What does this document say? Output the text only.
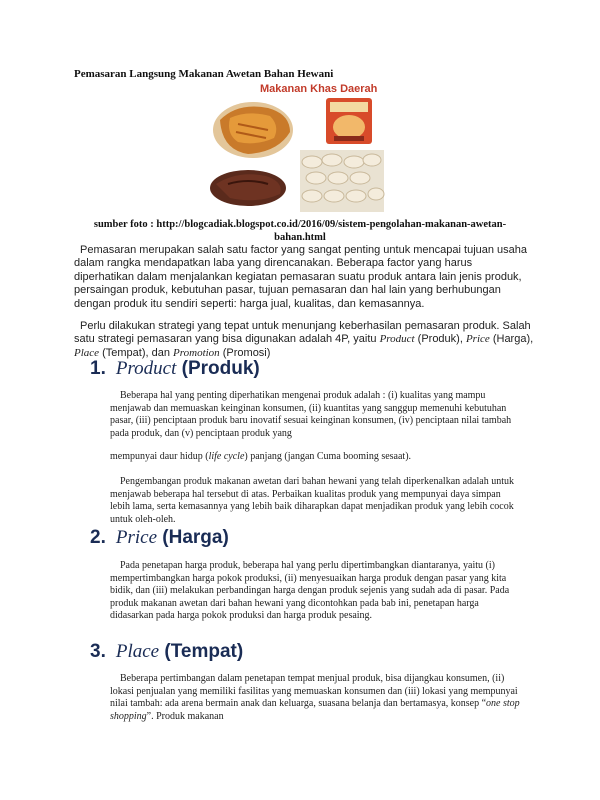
Pemasaran Langsung Makanan Awetan Bahan Hewani
Makanan Khas Daerah
sumber foto : http://blogcadiak.blogspot.co.id/2016/09/sistem-pengolahan-makanan-awetan-bahan.html
Pemasaran merupakan salah satu factor yang sangat penting untuk mencapai tujuan usaha dalam rangka mendapatkan laba yang direncanakan. Beberapa factor yang harus diperhatikan dalam menjalankan kegiatan pemasaran suatu produk antara lain jenis produk, persaingan produk, kebutuhan pasar, tujuan pemasaran dan hal lain yang berhubungan dengan produk itu sendiri seperti: harga jual, kualitas, dan kemasannya.
Perlu dilakukan strategi yang tepat untuk menunjang keberhasilan pemasaran produk. Salah satu strategi pemasaran yang bisa digunakan adalah 4P, yaitu Product (Produk), Price (Harga), Place (Tempat), dan Promotion (Promosi)
1. Product (Produk)
Beberapa hal yang penting diperhatikan mengenai produk adalah : (i) kualitas yang mampu menjawab dan memuaskan keinginan konsumen, (ii) kuantitas yang sanggup memenuhi kebutuhan pasar, (iii) penciptaan produk baru inovatif sesuai keinginan konsumen, (iv) penciptaan nilai tambah pada produk, dan (v) penciptaan produk yang
mempunyai daur hidup (life cycle) panjang (jangan Cuma booming sesaat).
Pengembangan produk makanan awetan dari bahan hewani yang telah diperkenalkan adalah untuk menjawab beberapa hal tersebut di atas. Perbaikan kualitas produk yang mempunyai daya simpan lebih lama, serta kemasannya yang lebih baik diharapkan dapat menjadikan produk yang lebih cocok untuk oleh-oleh.
2. Price (Harga)
Pada penetapan harga produk, beberapa hal yang perlu dipertimbangkan diantaranya, yaitu (i) mempertimbangkan harga pokok produksi, (ii) menyesuaikan harga produk dengan pasar yang kita bidik, dan (iii) melakukan perbandingan harga dengan produk sejenis yang sudah ada di pasar. Pada produk makanan awetan dari bahan hewani yang dicontohkan pada bab ini, penetapan harga didasarkan pada harga pokok produksi dan harga produk pesaing.
3. Place (Tempat)
Beberapa pertimbangan dalam penetapan tempat menjual produk, bisa dijangkau konsumen, (ii) lokasi penjualan yang memiliki fasilitas yang memuaskan konsumen dan (iii) lokasi yang mempunyai nilai tambah: ada arena bermain anak dan keluarga, suasana belanja dan bertamasya, konsep “one stop shopping”. Produk makanan
